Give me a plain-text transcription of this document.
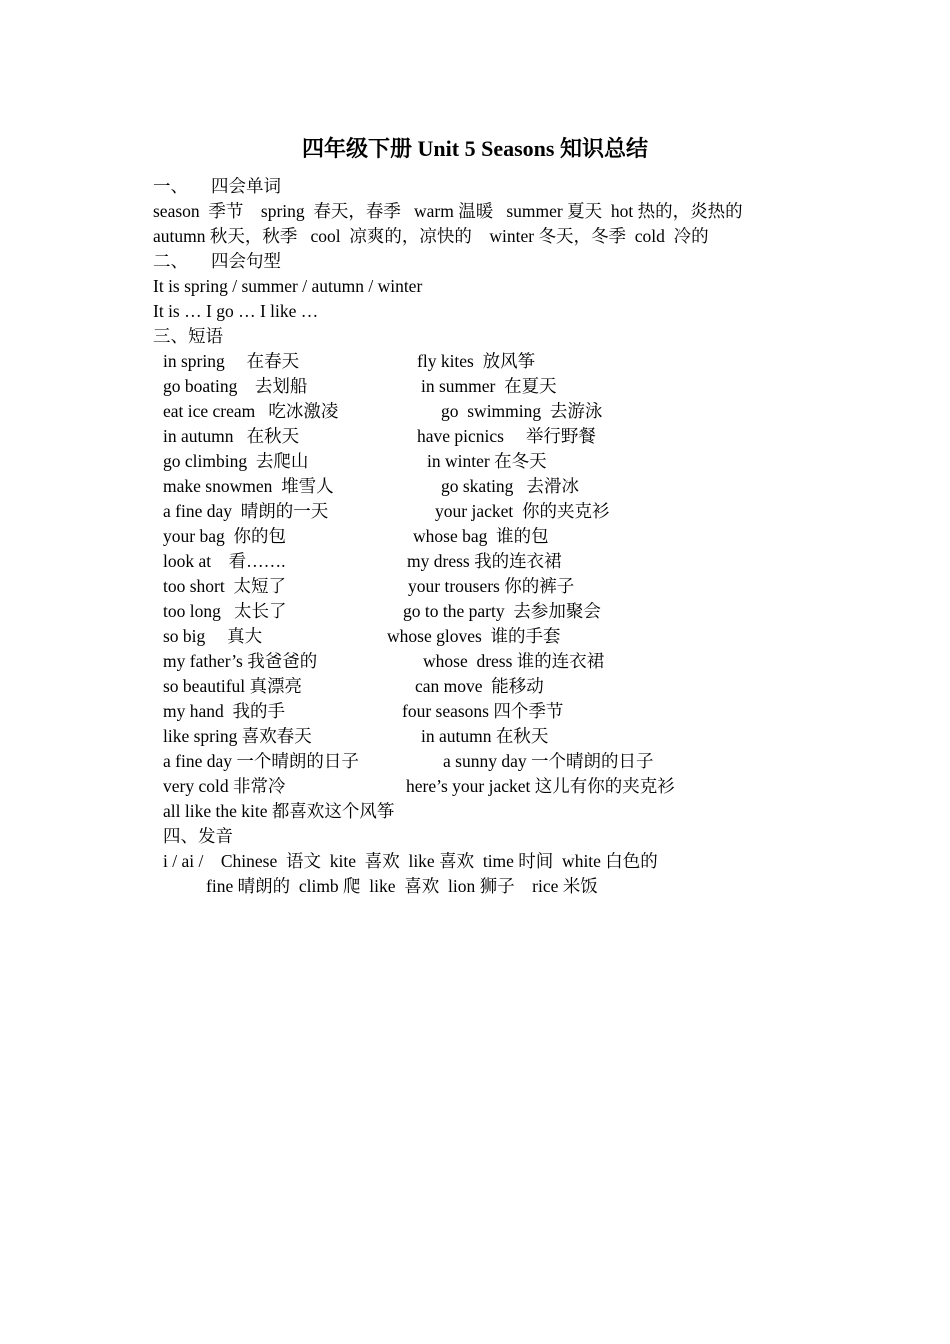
四年级下册 Unit 5 Seasons 知识总结
一、 四会单词
season  季节    spring  春天，春季   warm 温暖   summer 夏天  hot 热的，炎热的
autumn 秋天，秋季   cool  凉爽的，凉快的    winter 冬天，冬季  cold  冷的
二、 四会句型
It is spring / summer / autumn / winter
It is … I go … I like …
三、短语
in spring     在春天	fly kites  放风筝
go boating    去划船	in summer  在夏天
eat ice cream   吃冰激凌	go  swimming  去游泳
in autumn   在秋天	have picnics     举行野餐
go climbing  去爬山	in winter 在冬天
make snowmen  堆雪人	go skating   去滑冰
a fine day  晴朗的一天	your jacket  你的夹克衫
your bag  你的包	whose bag  谁的包
look at    看…….	my dress 我的连衣裙
too short  太短了	your trousers 你的裤子
too long   太长了	go to the party  去参加聚会
so big     真大	whose gloves  谁的手套
my father’s 我爸爸的	whose  dress 谁的连衣裙
so beautiful 真漂亮	can move  能移动
my hand  我的手	four seasons 四个季节
like spring 喜欢春天	in autumn 在秋天
a fine day 一个晴朗的日子	a sunny day 一个晴朗的日子
very cold 非常冷	here’s your jacket 这儿有你的夹克衫
all like the kite 都喜欢这个风筝
四、发音
i / ai /    Chinese  语文  kite  喜欢  like 喜欢  time 时间  white 白色的
fine 晴朗的  climb 爬  like  喜欢  lion 狮子    rice 米饭
